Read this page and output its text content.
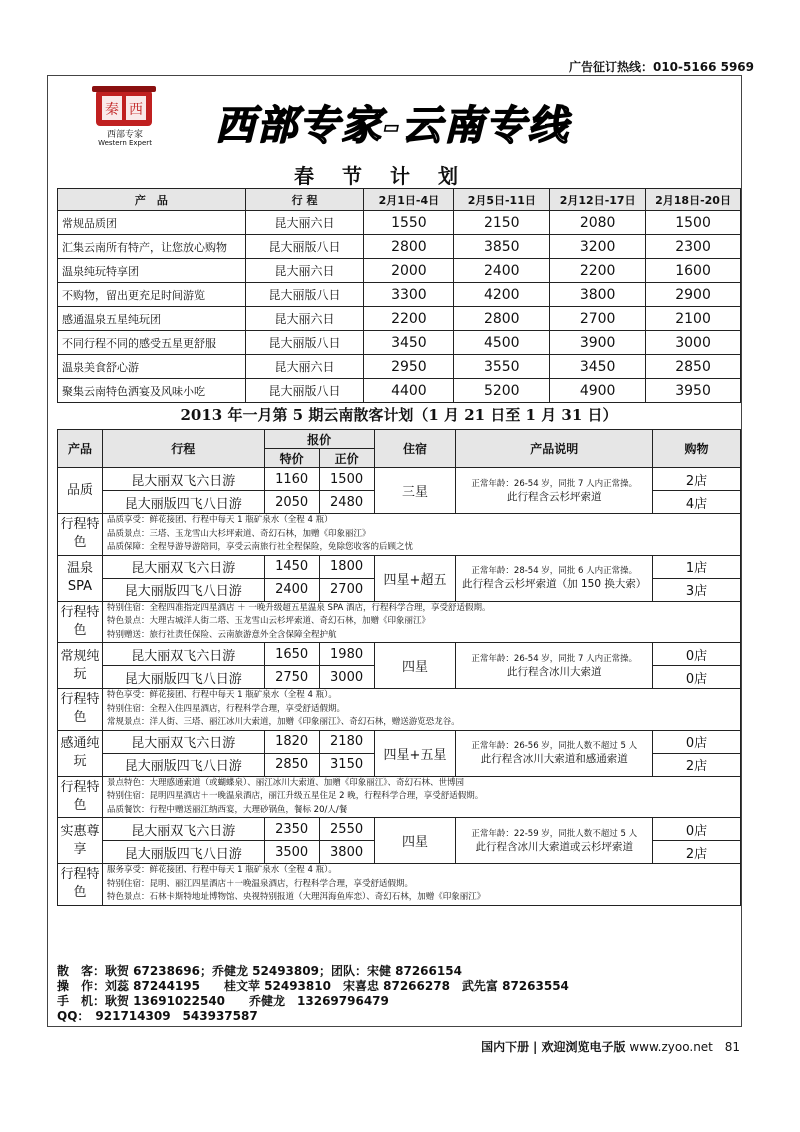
广告征订热线：010-5166 5969
秦 西
西部专家
Western Expert	西部专家-云南专线
春节计划
产　品	行 程	2月1日-4日	2月5日-11日	2月12日-17日	2月18日-20日
常规品质团	昆大丽六日	1550	2150	2080	1500
汇集云南所有特产，让您放心购物	昆大丽版八日	2800	3850	3200	2300
温泉纯玩特享团	昆大丽六日	2000	2400	2200	1600
不购物，留出更充足时间游览	昆大丽版八日	3300	4200	3800	2900
感通温泉五星纯玩团	昆大丽六日	2200	2800	2700	2100
不同行程不同的感受五星更舒服	昆大丽版八日	3450	4500	3900	3000
温泉美食舒心游	昆大丽六日	2950	3550	3450	2850
聚集云南特色洒宴及风味小吃	昆大丽版八日	4400	5200	4900	3950
2013 年一月第 5 期云南散客计划（1 月 21 日至 1 月 31 日）
产品	行程	报价		住宿	产品说明	购物
		特价	正价			
品质	昆大丽双飞六日游	1160	1500	三星	正常年龄：26-54 岁，同批 7 人内正常操。
此行程含云杉坪索道	2店
	昆大丽版四飞八日游	2050	2480			4店
行程特色	品质享受：鲜花接团、行程中每天 1 瓶矿泉水（全程 4 瓶）
品质景点：三塔、玉龙雪山大杉坪索道、奇幻石林，加赠《印象丽江》
品质保障：全程导游导游陪同，享受云南旅行社全程保险，免除您收客的后顾之忧					

温泉SPA	昆大丽双飞六日游	1450	1800	四星+超五	正常年龄：28-54 岁，同批 6 人内正常操。
此行程含云杉坪索道（加 150 换大索）	1店
	昆大丽版四飞八日游	2400	2700			3店
行程特色	特别住宿：全程四准指定四星酒店 ＋ 一晚升级超五星温泉 SPA 酒店，行程科学合理，享受舒适假期。
特色景点：大理古城洋人街二塔、玉龙雪山云杉坪索道、奇幻石林，加赠《印象丽江》
特别赠送：旅行社责任保险、云南旅游意外全含保障全程护航					

常规纯玩	昆大丽双飞六日游	1650	1980	四星	正常年龄：26-54 岁，同批 7 人内正常操。
此行程含冰川大索道	0店
	昆大丽版四飞八日游	2750	3000			0店
行程特色	特色享受：鲜花接团、行程中每天 1 瓶矿泉水（全程 4 瓶）。
特别住宿：全程入住四星酒店，行程科学合理，享受舒适假期。
常规景点：洋人街、三塔、丽江冰川大索道，加赠《印象丽江》、奇幻石林，赠送游览恐龙谷。					

感通纯玩	昆大丽双飞六日游	1820	2180	四星+五星	正常年龄：26-56 岁，同批人数不超过 5 人
此行程含冰川大索道和感通索道	0店
	昆大丽版四飞八日游	2850	3150			2店
行程特色	景点特色：大理感通索道（或蝴蝶泉）、丽江冰川大索道、加赠《印象丽江》、奇幻石林、世博园
特别住宿：昆明四星酒店＋一晚温泉酒店，丽江升级五星住足 2 晚，行程科学合理，享受舒适假期。
品质餐饮：行程中赠送丽江纳西宴，大理砂锅鱼，餐标 20/人/餐					

实惠尊享	昆大丽双飞六日游	2350	2550	四星	正常年龄：22-59 岁，同批人数不超过 5 人
此行程含冰川大索道或云杉坪索道	0店
	昆大丽版四飞八日游	3500	3800			2店
行程特色	服务享受：鲜花接团、行程中每天 1 瓶矿泉水（全程 4 瓶）。
特别住宿：昆明、丽江四星酒店＋一晚温泉酒店，行程科学合理，享受舒适假期。
特色景点：石林卡斯特地址博物馆、央视特别报道（大理洱海鱼库恋）、奇幻石林，加赠《印象丽江》					
散　客：耿贺 67238696；乔健龙 52493809；团队：宋健 87266154
操　作：刘蕊 87244195　　桂文苹 52493810　宋喜忠 87266278　武先富 87263554
手　机：耿贺 13691022540　　乔健龙　13269796479
QQ：　921714309　543937587
国内下册 | 欢迎浏览电子版 www.zyoo.net 81
